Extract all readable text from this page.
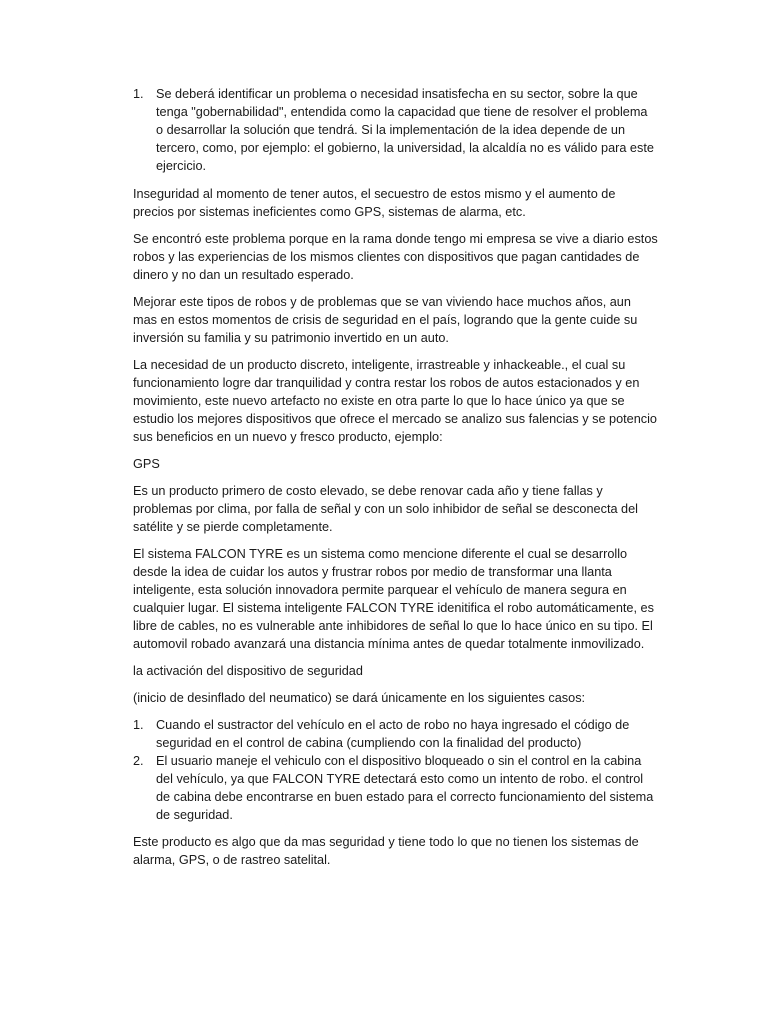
1. Se deberá identificar un problema o necesidad insatisfecha en su sector, sobre la que tenga "gobernabilidad", entendida como la capacidad que tiene de resolver el problema o desarrollar la solución que tendrá. Si la implementación de la idea depende de un tercero, como, por ejemplo: el gobierno, la universidad, la alcaldía no es válido para este ejercicio.

Inseguridad al momento de tener autos, el secuestro de estos mismo y el aumento de precios por sistemas ineficientes como GPS, sistemas de alarma, etc.

Se encontró este problema porque en la rama donde tengo mi empresa se vive a diario estos robos y las experiencias de los mismos clientes con dispositivos que pagan cantidades de dinero y no dan un resultado esperado.

Mejorar este tipos de robos y de problemas que se van viviendo hace muchos años, aun mas en estos momentos de crisis de seguridad en el país, logrando que la gente cuide su inversión su familia y su patrimonio invertido en un auto.

La necesidad de un producto discreto, inteligente, irrastreable y inhackeable., el cual su funcionamiento logre dar tranquilidad y contra restar los robos de autos estacionados y en movimiento, este nuevo artefacto no existe en otra parte lo que lo hace único ya que se estudio los mejores dispositivos que ofrece el mercado se analizo sus falencias y se potencio sus beneficios en un nuevo y fresco producto, ejemplo:

GPS

Es un producto primero de costo elevado, se debe renovar cada año y tiene fallas y problemas por clima, por falla de señal y con un solo inhibidor de señal se desconecta del satélite y se pierde completamente.

El sistema FALCON TYRE es un sistema como mencione diferente el cual se desarrollo desde la idea de cuidar los autos y frustrar robos por medio de transformar una llanta inteligente, esta solución innovadora permite parquear el vehículo de manera segura en cualquier lugar. El sistema inteligente FALCON TYRE idenitifica el robo automáticamente, es libre de cables, no es vulnerable ante inhibidores de señal lo que lo hace único en su tipo. El automovil robado avanzará una distancia mínima antes de quedar totalmente inmovilizado.

la activación del dispositivo de seguridad

(inicio de desinflado del neumatico) se dará únicamente en los siguientes casos:

1. Cuando el sustractor del vehículo en el acto de robo no haya ingresado el código de seguridad en el control de cabina (cumpliendo con la finalidad del producto)
2. El usuario maneje el vehiculo con el dispositivo bloqueado o sin el control en la cabina del vehículo, ya que FALCON TYRE detectará esto como un intento de robo. el control de cabina debe encontrarse en buen estado para el correcto funcionamiento del sistema de seguridad.

Este producto es algo que da mas seguridad y tiene todo lo que no tienen los sistemas de alarma, GPS, o de rastreo satelital.
